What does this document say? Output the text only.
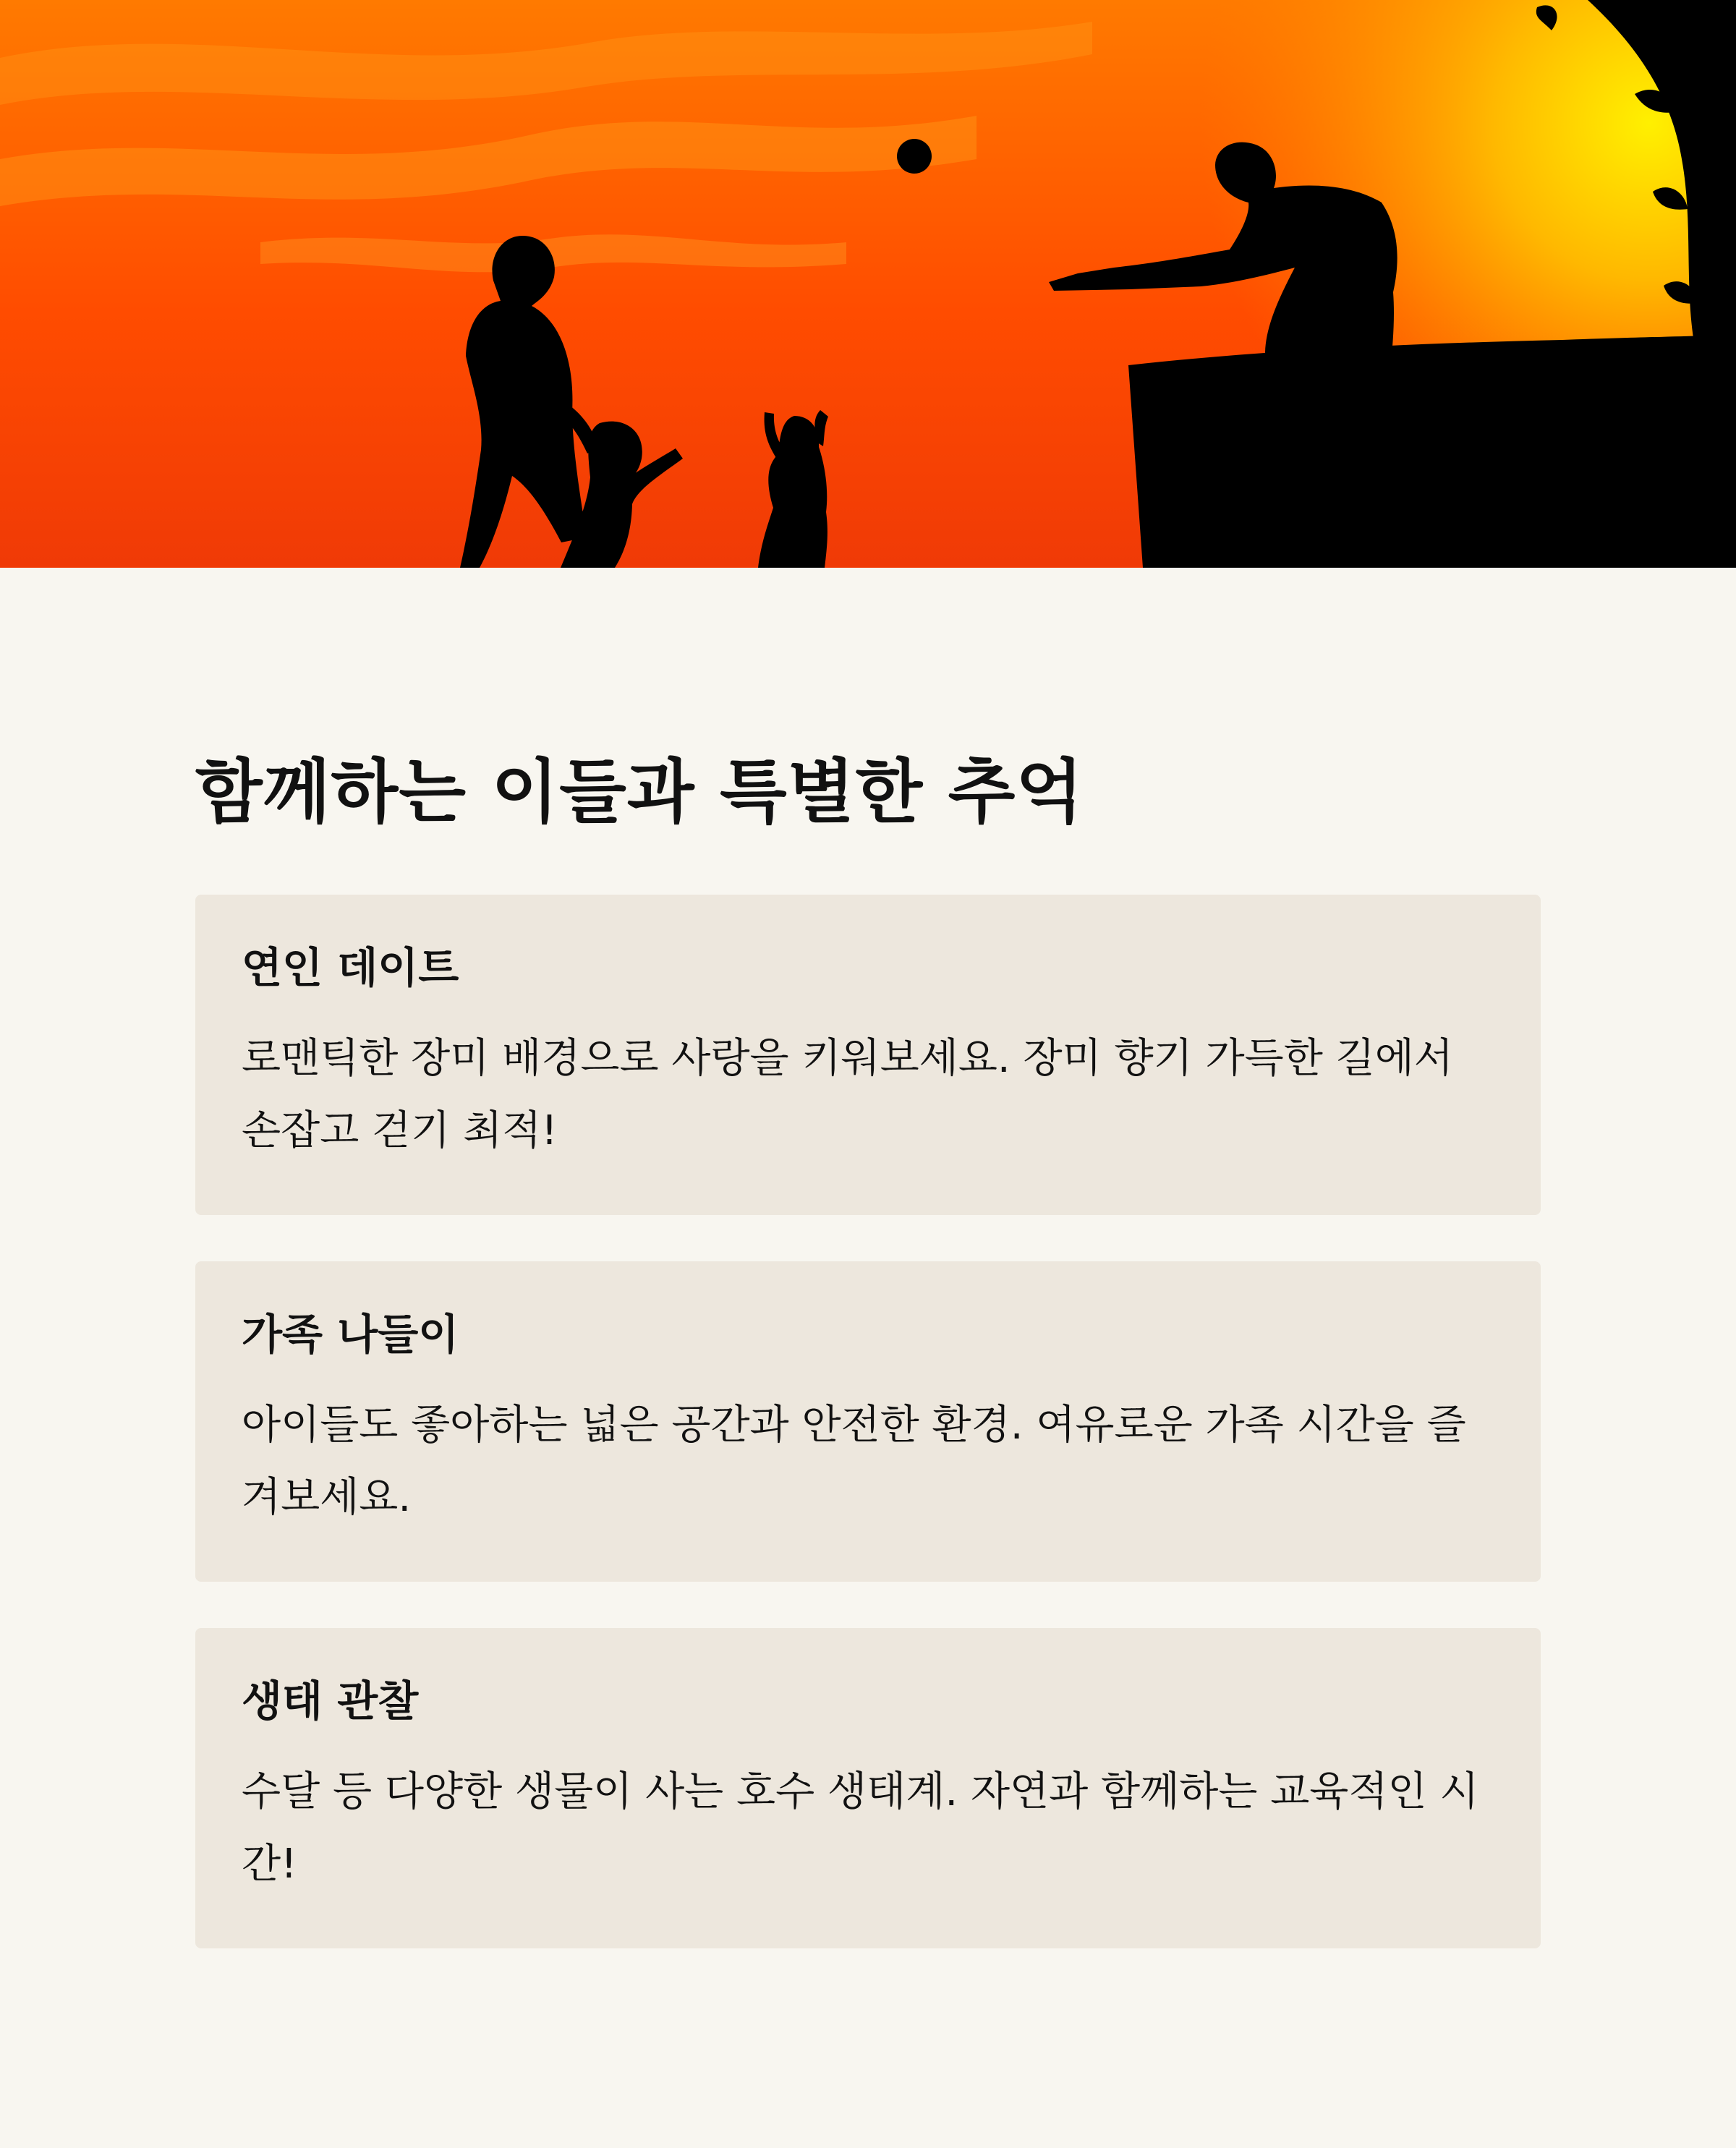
함께하는 이들과 특별한 추억
연인 데이트

로맨틱한 장미 배경으로 사랑을 키워보세요. 장미 향기 가득한 길에서 손잡고 걷기 최적!

가족 나들이

아이들도 좋아하는 넓은 공간과 안전한 환경. 여유로운 가족 시간을 즐겨보세요.

생태 관찰

수달 등 다양한 생물이 사는 호수 생태계. 자연과 함께하는 교육적인 시간!
